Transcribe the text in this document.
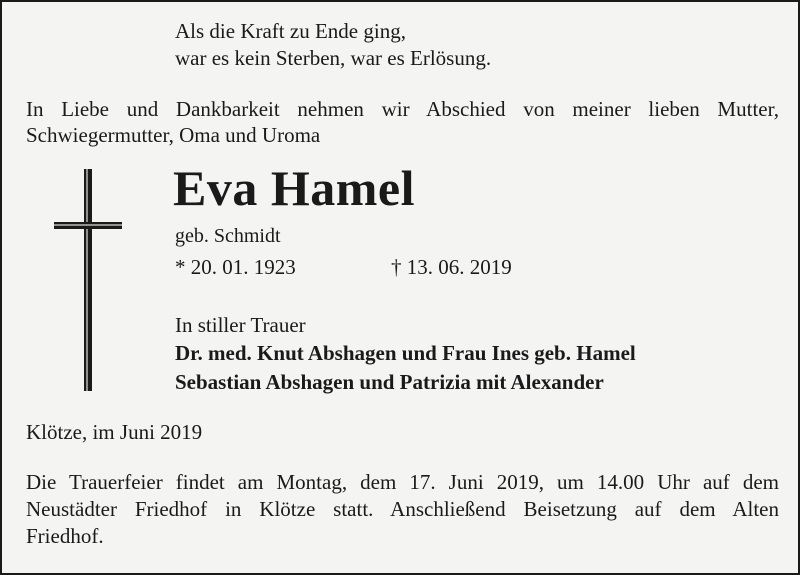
Als die Kraft zu Ende ging,
war es kein Sterben, war es Erlösung.
In Liebe und Dankbarkeit nehmen wir Abschied von meiner lieben Mutter,
Schwiegermutter, Oma und Uroma
Eva Hamel
geb. Schmidt
* 20. 01. 1923	† 13. 06. 2019
In stiller Trauer
Dr. med. Knut Abshagen und Frau Ines geb. Hamel
Sebastian Abshagen und Patrizia mit Alexander
Klötze, im Juni 2019
Die Trauerfeier findet am Montag, dem 17. Juni 2019, um 14.00 Uhr auf dem
Neustädter Friedhof in Klötze statt. Anschließend Beisetzung auf dem Alten
Friedhof.
